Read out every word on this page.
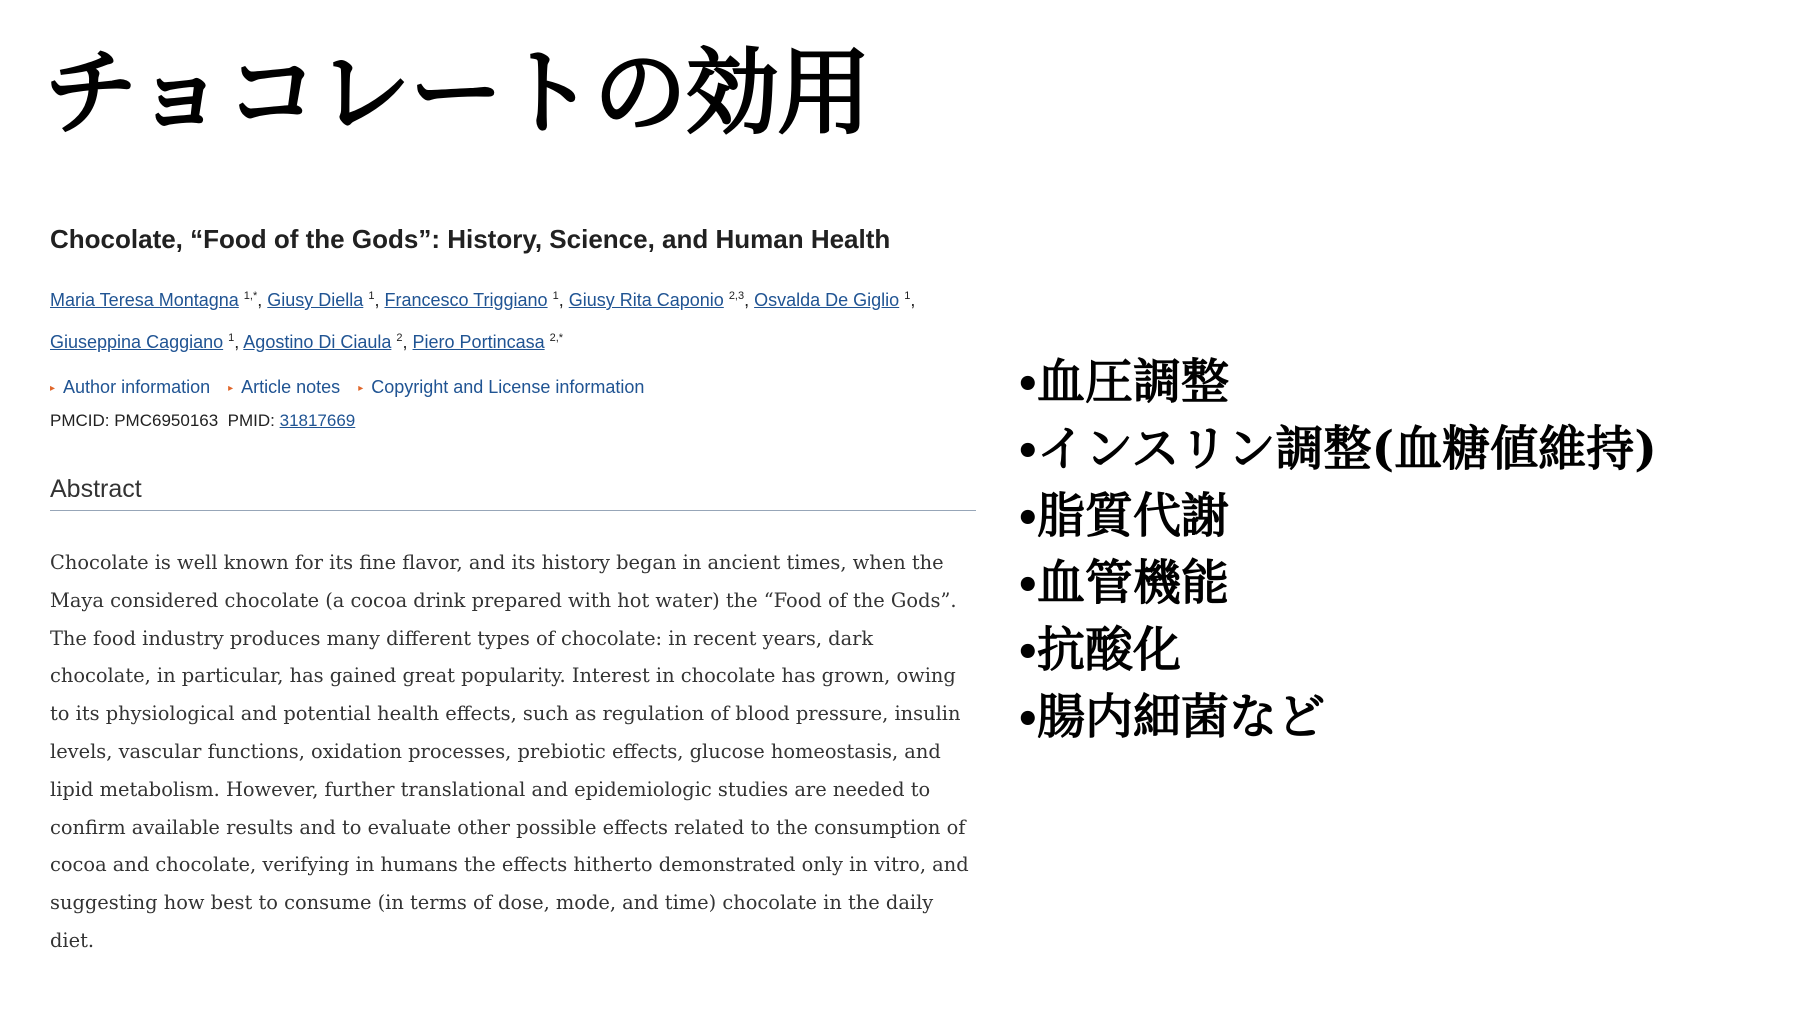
チョコレートの効用
Chocolate, “Food of the Gods”: History, Science, and Human Health
Maria Teresa Montagna $^{1,*}$, Giusy Diella $^1$, Francesco Triggiano $^1$, Giusy Rita Caponio $^{2,3}$, Osvalda De Giglio $^1$,
Giuseppina Caggiano $^1$, Agostino Di Ciaula $^2$, Piero Portincasa $^{2,*}$
▸ Author information ▸ Article notes ▸ Copyright and License information
PMCID: PMC6950163 PMID: 31817669
Abstract

Chocolate is well known for its fine flavor, and its history began in ancient times, when the Maya considered chocolate (a cocoa drink prepared with hot water) the “Food of the Gods”. The food industry produces many different types of chocolate: in recent years, dark chocolate, in particular, has gained great popularity. Interest in chocolate has grown, owing to its physiological and potential health effects, such as regulation of blood pressure, insulin levels, vascular functions, oxidation processes, prebiotic effects, glucose homeostasis, and lipid metabolism. However, further translational and epidemiologic studies are needed to confirm available results and to evaluate other possible effects related to the consumption of cocoa and chocolate, verifying in humans the effects hitherto demonstrated only in vitro, and suggesting how best to consume (in terms of dose, mode, and time) chocolate in the daily diet.

•血圧調整
•インスリン調整(血糖値維持)
•脂質代謝
•血管機能
•抗酸化
•腸内細菌など
